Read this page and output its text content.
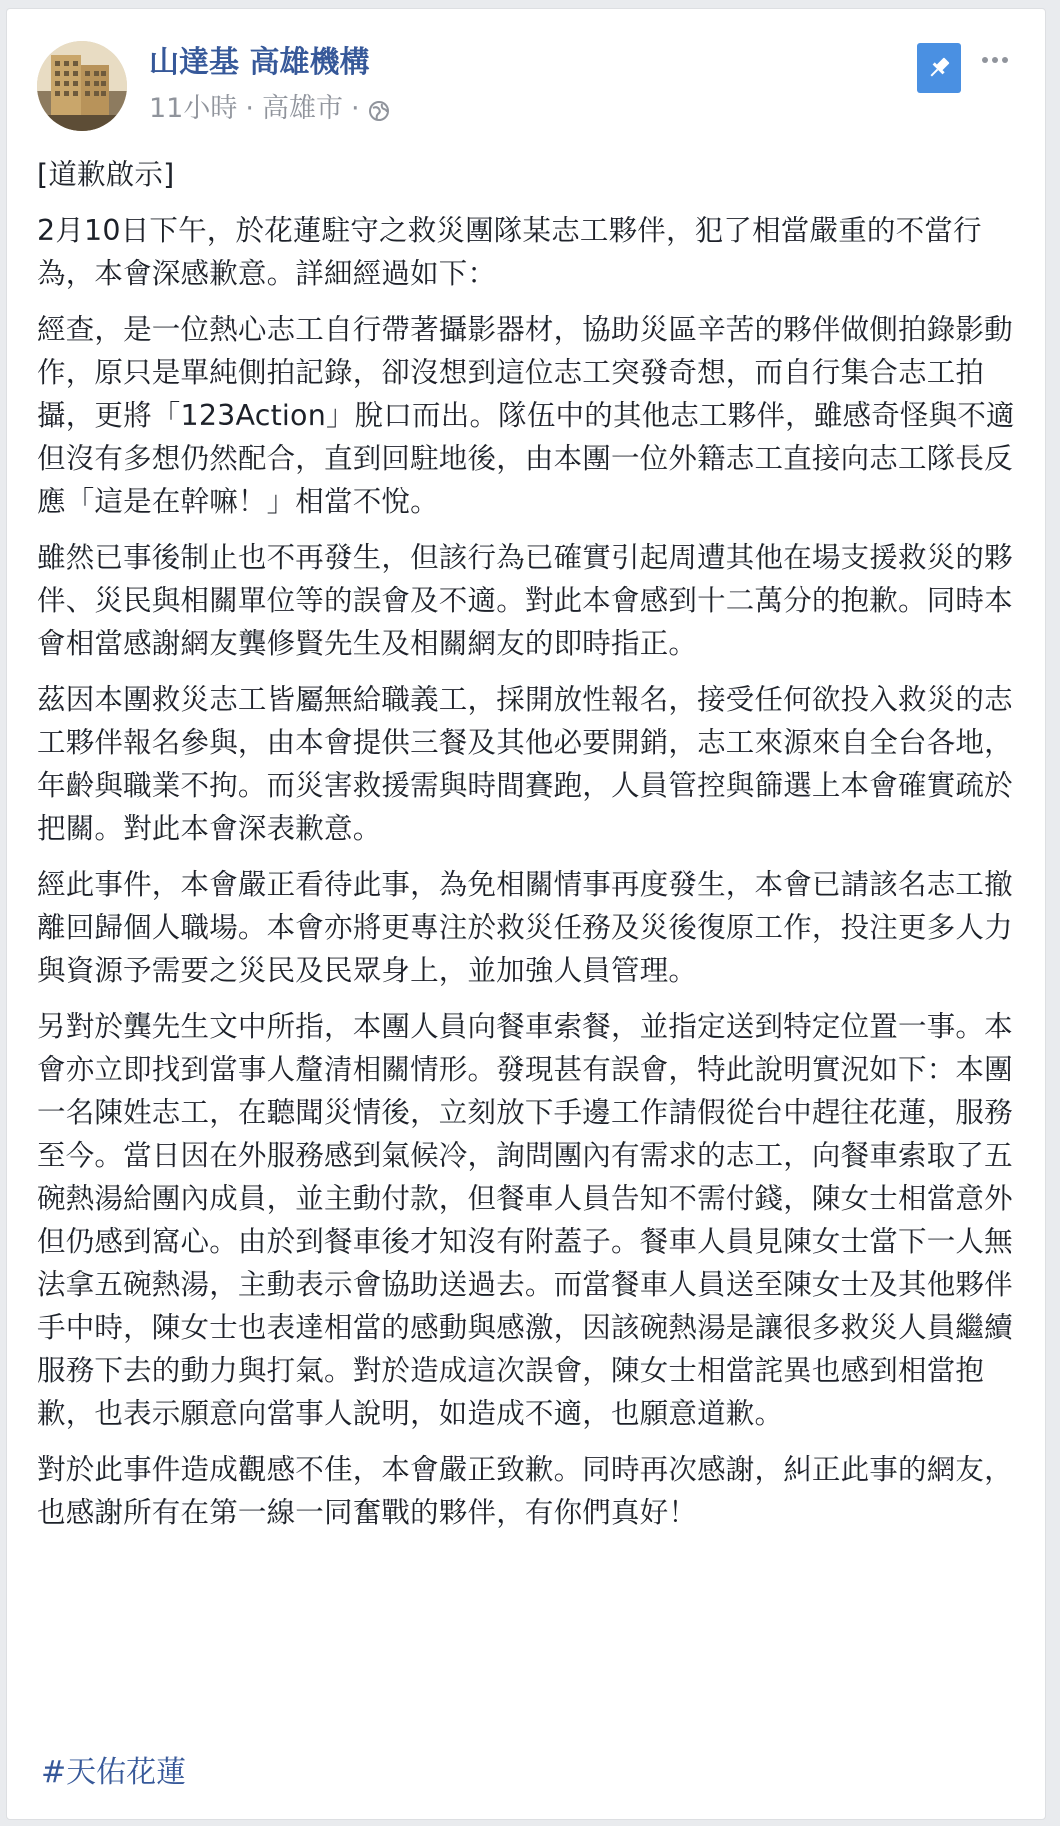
山達基 高雄機構
11小時 · 高雄市 ·

[道歉啟示]

2月10日下午，於花蓮駐守之救災團隊某志工夥伴，犯了相當嚴重的不當行為，本會深感歉意。詳細經過如下：

經查，是一位熱心志工自行帶著攝影器材，協助災區辛苦的夥伴做側拍錄影動作，原只是單純側拍記錄，卻沒想到這位志工突發奇想，而自行集合志工拍攝，更將「123Action」脫口而出。隊伍中的其他志工夥伴，雖感奇怪與不適但沒有多想仍然配合，直到回駐地後，由本團一位外籍志工直接向志工隊長反應「這是在幹嘛！」相當不悅。

雖然已事後制止也不再發生，但該行為已確實引起周遭其他在場支援救災的夥伴、災民與相關單位等的誤會及不適。對此本會感到十二萬分的抱歉。同時本會相當感謝網友龔修賢先生及相關網友的即時指正。

茲因本團救災志工皆屬無給職義工，採開放性報名，接受任何欲投入救災的志工夥伴報名參與，由本會提供三餐及其他必要開銷，志工來源來自全台各地，年齡與職業不拘。而災害救援需與時間賽跑，人員管控與篩選上本會確實疏於把關。對此本會深表歉意。

經此事件，本會嚴正看待此事，為免相關情事再度發生，本會已請該名志工撤離回歸個人職場。本會亦將更專注於救災任務及災後復原工作，投注更多人力與資源予需要之災民及民眾身上，並加強人員管理。

另對於龔先生文中所指，本團人員向餐車索餐，並指定送到特定位置一事。本會亦立即找到當事人釐清相關情形。發現甚有誤會，特此說明實況如下：本團一名陳姓志工，在聽聞災情後，立刻放下手邊工作請假從台中趕往花蓮，服務至今。當日因在外服務感到氣候冷，詢問團內有需求的志工，向餐車索取了五碗熱湯給團內成員，並主動付款，但餐車人員告知不需付錢，陳女士相當意外但仍感到窩心。由於到餐車後才知沒有附蓋子。餐車人員見陳女士當下一人無法拿五碗熱湯，主動表示會協助送過去。而當餐車人員送至陳女士及其他夥伴手中時，陳女士也表達相當的感動與感激，因該碗熱湯是讓很多救災人員繼續服務下去的動力與打氣。對於造成這次誤會，陳女士相當詫異也感到相當抱歉，也表示願意向當事人說明，如造成不適，也願意道歉。

對於此事件造成觀感不佳，本會嚴正致歉。同時再次感謝，糾正此事的網友，也感謝所有在第一線一同奮戰的夥伴，有你們真好！

#天佑花蓮
